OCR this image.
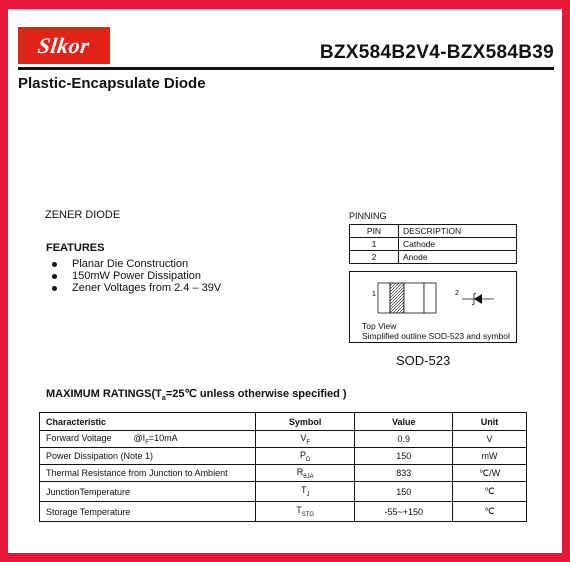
Slkor	BZX584B2V4-BZX584B39
Plastic-Encapsulate Diode
ZENER DIODE
FEATURES
Planar Die Construction
150mW Power Dissipation
Zener Voltages from 2.4 – 39V
PINNING
PIN	DESCRIPTION
1	Cathode
2	Anode
1	2
Top View
Simplified outline SOD-523 and symbol
SOD-523
MAXIMUM $RATINGS(T_a=25℃$ unless otherwise specified )
Characteristic	Symbol	Value	Unit
Forward Voltage $@I_F=10mA$	$V_F$	0.9	V
Power Dissipation (Note 1)	$P_D$	150	mW
Thermal Resistance from Junction to Ambient	$R_{\theta JA}$	833	℃/W
JunctionTemperature	$T_J$	150	℃
Storage Temperature	$T_{STG}$	-55~+150	℃
